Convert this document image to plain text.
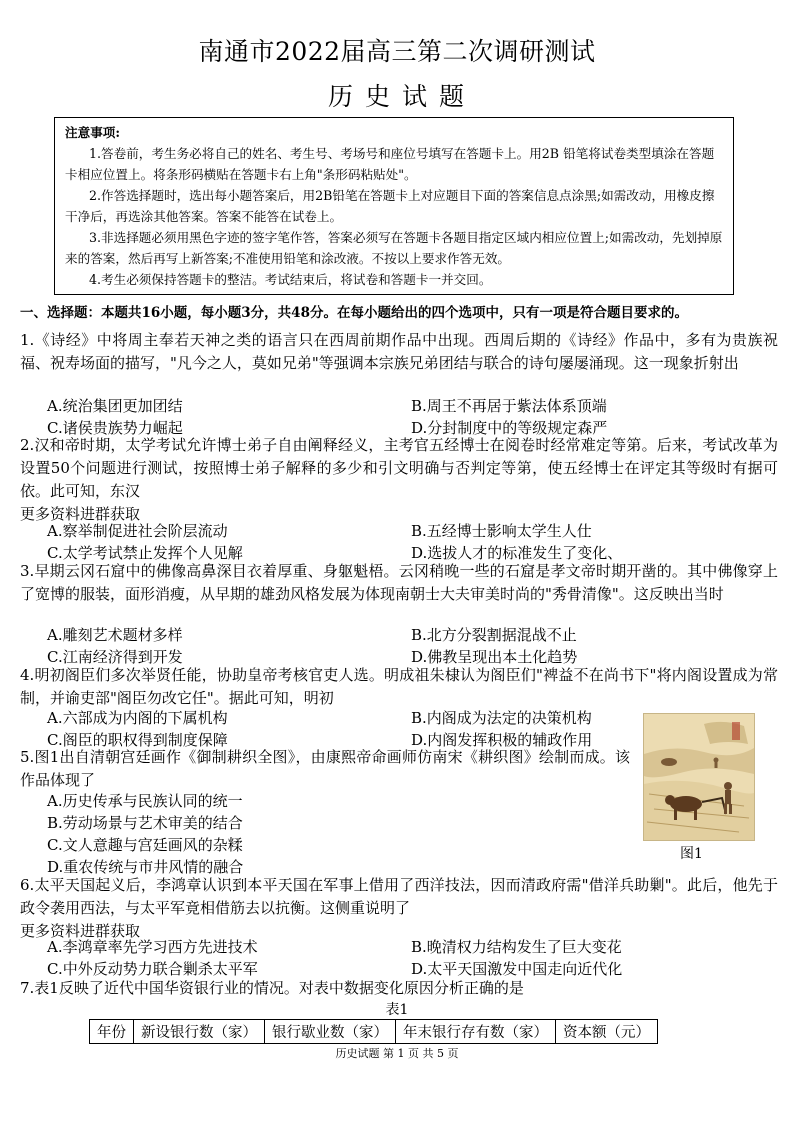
南通市2022届高三第二次调研测试
历史试题
注意事项:

1.答卷前，考生务必将自己的姓名、考生号、考场号和座位号填写在答题卡上。用2B 铅笔将试卷类型填涂在答题卡相应位置上。将条形码横贴在答题卡右上角"条形码粘贴处"。

2.作答选择题时，选出每小题答案后，用2B铅笔在答题卡上对应题目下面的答案信息点涂黑;如需改动，用橡皮擦干净后，再选涂其他答案。答案不能答在试卷上。

3.非选择题必须用黑色字迹的签字笔作答，答案必须写在答题卡各题目指定区域内相应位置上;如需改动，先划掉原来的答案，然后再写上新答案;不准使用铅笔和涂改液。不按以上要求作答无效。

4.考生必须保持答题卡的整洁。考试结束后，将试卷和答题卡一并交回。

一、选择题：本题共16小题，每小题3分，共48分。在每小题给出的四个选项中，只有一项是符合题目要求的。

1.《诗经》中将周主奉若天神之类的语言只在西周前期作品中出现。西周后期的《诗经》作品中，多有为贵族祝福、祝寿场面的描写，"凡今之人，莫如兄弟"等强调本宗族兄弟团结与联合的诗句屡屡涌现。这一现象折射出

A.统治集团更加团结	B.周王不再居于紫法体系顶端
C.诸侯贵族势力崛起	D.分封制度中的等级规定森严

2.汉和帝时期，太学考试允许博士弟子自由阐释经义，主考官五经博士在阅卷时经常难定等第。后来，考试改革为设置50个问题进行测试，按照博士弟子解释的多少和引文明确与否判定等第，使五经博士在评定其等级时有据可依。此可知，东汉

更多资料进群获取

A.察举制促进社会阶层流动	B.五经博士影响太学生人仕
C.太学考试禁止发挥个人见解	D.选拔人才的标准发生了变化、

3.早期云冈石窟中的佛像高鼻深目衣着厚重、身躯魁梧。云冈稍晚一些的石窟是孝文帝时期开凿的。其中佛像穿上了宽博的服装，面形消瘦，从早期的雄劲风格发展为体现南朝士大夫审美时尚的"秀骨清像"。这反映出当时

A.雕刻艺术题材多样	B.北方分裂割据混战不止
C.江南经济得到开发	D.佛教呈现出本土化趋势

4.明初阁臣们多次举贤任能，协助皇帝考核官吏人选。明成祖朱棣认为阁臣们"裨益不在尚书下"将内阁设置成为常制，并谕吏部"阁臣勿改它任"。据此可知，明初

A.六部成为内阁的下属机构	B.内阁成为法定的决策机构
C.阁臣的职权得到制度保障	D.内阁发挥积极的辅政作用

5.图1出自清朝宫廷画作《御制耕织全图》，由康熙帝命画师仿南宋《耕织图》绘制而成。该作品体现了

A.历史传承与民族认同的统一
B.劳动场景与艺术审美的结合
C.文人意趣与宫廷画风的杂糅
D.重农传统与市井风情的融合
图1

6.太平天国起义后，李鸿章认识到本平天国在军事上借用了西洋技法，因而清政府需"借洋兵助剿"。此后，他先于政令袭用西法，与太平军竟相借筋去以抗衡。这侧重说明了

更多资料进群获取

A.李鸿章率先学习西方先进技术	B.晚清权力结构发生了巨大变花
C.中外反动势力联合剿杀太平军	D.太平天国激发中国走向近代化

7.表1反映了近代中国华资银行业的情况。对表中数据变化原因分析正确的是

表1
年份	新设银行数（家）	银行歇业数（家）	年末银行存有数（家）	资本额（元）
历史试题 第 1 页 共 5 页
